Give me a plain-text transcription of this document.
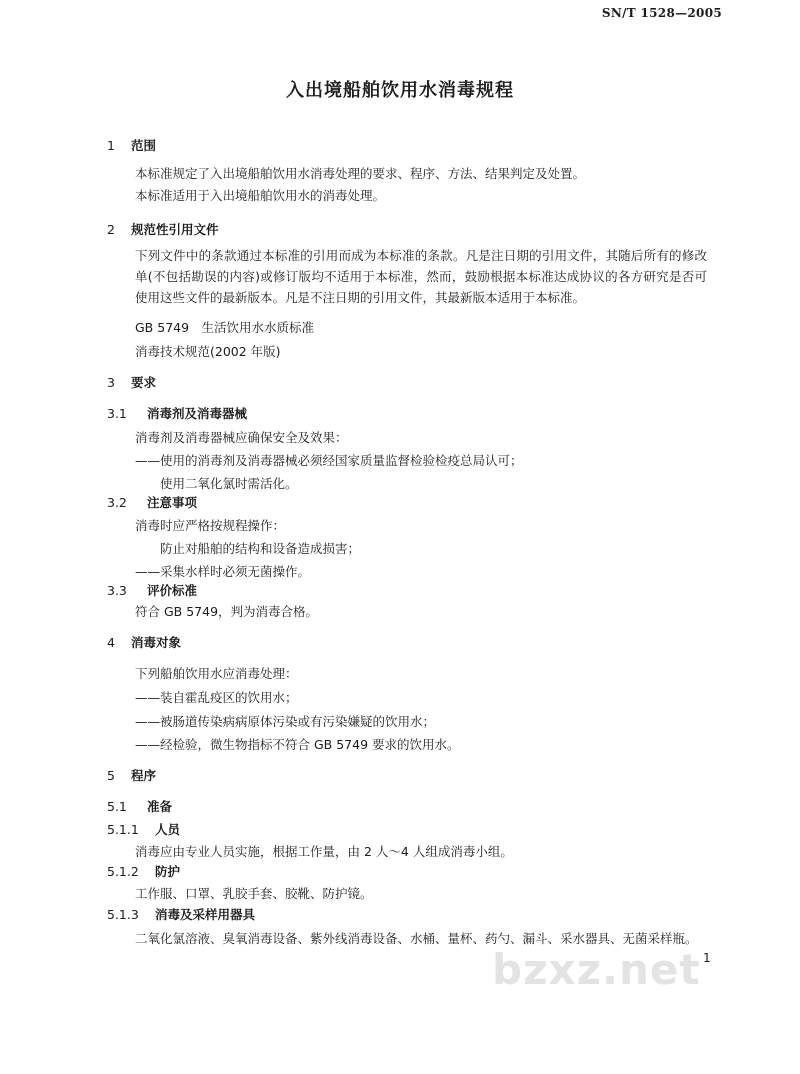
SN/T 1528—2005
入出境船舶饮用水消毒规程
1 范围
本标准规定了入出境船舶饮用水消毒处理的要求、程序、方法、结果判定及处置。
本标准适用于入出境船舶饮用水的消毒处理。
2 规范性引用文件
下列文件中的条款通过本标准的引用而成为本标准的条款。凡是注日期的引用文件，其随后所有的修改单(不包括勘误的内容)或修订版均不适用于本标准，然而，鼓励根据本标准达成协议的各方研究是否可使用这些文件的最新版本。凡是不注日期的引用文件，其最新版本适用于本标准。
GB 5749　生活饮用水水质标准
消毒技术规范(2002 年版)
3 要求
3.1 消毒剂及消毒器械
消毒剂及消毒器械应确保安全及效果：
——使用的消毒剂及消毒器械必须经国家质量监督检验检疫总局认可；
使用二氧化氯时需活化。
3.2 注意事项
消毒时应严格按规程操作：
防止对船舶的结构和设备造成损害；
——采集水样时必须无菌操作。
3.3 评价标准
符合 GB 5749，判为消毒合格。
4 消毒对象
下列船舶饮用水应消毒处理：
——装自霍乱疫区的饮用水；
——被肠道传染病病原体污染或有污染嫌疑的饮用水；
——经检验，微生物指标不符合 GB 5749 要求的饮用水。
5 程序
5.1 准备
5.1.1 人员
消毒应由专业人员实施，根据工作量，由 2 人～4 人组成消毒小组。
5.1.2 防护
工作服、口罩、乳胶手套、胶靴、防护镜。
5.1.3 消毒及采样用器具
二氧化氯溶液、臭氧消毒设备、紫外线消毒设备、水桶、量杯、药勺、漏斗、采水器具、无菌采样瓶。
bzxz.net 1
